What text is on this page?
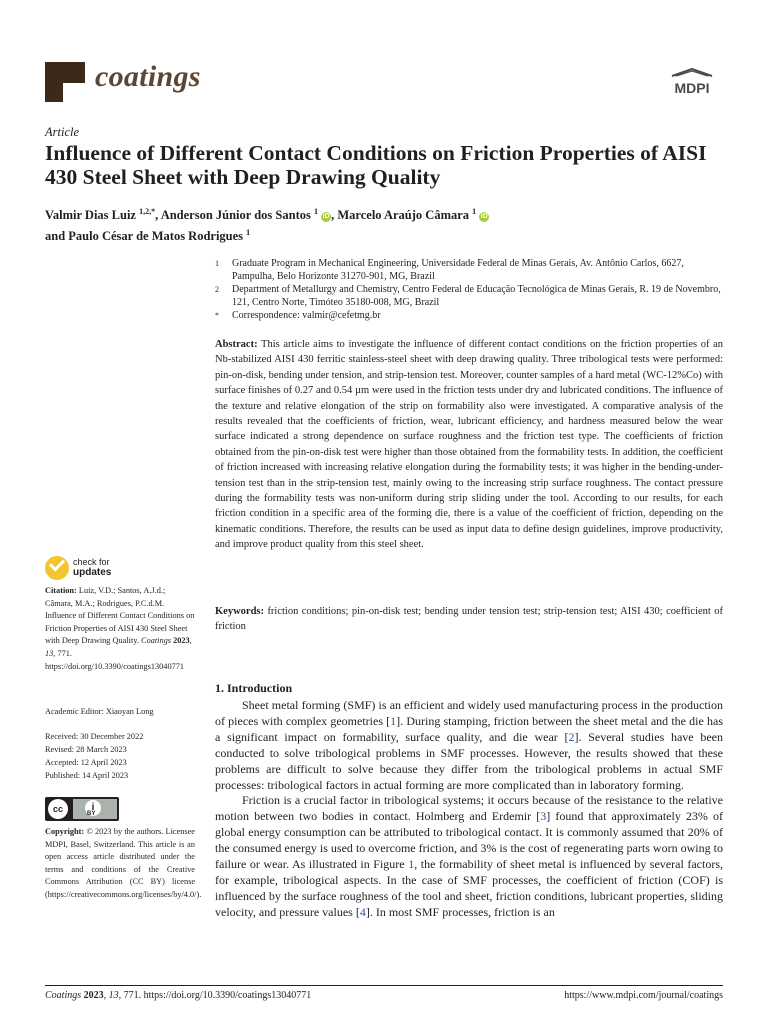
coatings	MDPI
Article
Influence of Different Contact Conditions on Friction Properties of AISI 430 Steel Sheet with Deep Drawing Quality
Valmir Dias Luiz $^{1,2,*}$, Anderson Júnior dos Santos $^1$ iD , Marcelo Araújo Câmara $^1$ iD
and Paulo César de Matos Rodrigues $^1$
1 Graduate Program in Mechanical Engineering, Universidade Federal de Minas Gerais, Av. Antônio Carlos, 6627, Pampulha, Belo Horizonte 31270-901, MG, Brazil
2 Department of Metallurgy and Chemistry, Centro Federal de Educação Tecnológica de Minas Gerais, R. 19 de Novembro, 121, Centro Norte, Timóteo 35180-008, MG, Brazil
* Correspondence: valmir@cefetmg.br
Abstract: This article aims to investigate the influence of different contact conditions on the friction properties of an Nb-stabilized AISI 430 ferritic stainless-steel sheet with deep drawing quality. Three tribological tests were performed: pin-on-disk, bending under tension, and strip-tension test. Moreover, counter samples of a hard metal (WC-12%Co) with surface finishes of 0.27 and 0.54 µm were used in the friction tests under dry and lubricated conditions. The influence of the texture and relative elongation of the strip on formability also were investigated. A comparative analysis of the results revealed that the coefficients of friction, wear, lubricant efficiency, and hardness measured below the wear surface indicated a strong dependence on surface roughness and the friction test type. The coefficients of friction obtained from the pin-on-disk test were higher than those obtained from the formability tests. In addition, the coefficient of friction increased with increasing relative elongation during the formability tests; it was higher in the bending-under-tension test than in the strip-tension test, mainly owing to the increasing strip surface roughness. The contact pressure during the formability tests was non-uniform during strip sliding under the tool. According to our results, for each friction condition in a specific area of the forming die, there is a value of the coefficient of friction, depending on the kinematic conditions. Therefore, the results can be used as input data to define design guidelines, improve productivity, and improve product quality from this steel sheet.
Keywords: friction conditions; pin-on-disk test; bending under tension test; strip-tension test; AISI 430; coefficient of friction
check for
updates
Citation: Luiz, V.D.; Santos, A.J.d.; Câmara, M.A.; Rodrigues, P.C.d.M. Influence of Different Contact Conditions on Friction Properties of AISI 430 Steel Sheet with Deep Drawing Quality. Coatings 2023, 13, 771. https://doi.org/10.3390/coatings13040771
Academic Editor: Xiaoyan Long
Received: 30 December 2022
Revised: 28 March 2023
Accepted: 12 April 2023
Published: 14 April 2023
cc	i
BY
Copyright: © 2023 by the authors. Licensee MDPI, Basel, Switzerland. This article is an open access article distributed under the terms and conditions of the Creative Commons Attribution (CC BY) license (https://creativecommons.org/licenses/by/4.0/).
1. Introduction

Sheet metal forming (SMF) is an efficient and widely used manufacturing process in the production of pieces with complex geometries [1]. During stamping, friction between the sheet metal and the die has a significant impact on formability, surface quality, and die wear [2]. Several studies have been conducted to solve tribological problems in SMF processes. However, the results showed that these problems are difficult to solve because they differ from the tribological problems in actual SMF processes: tribological factors in actual forming are more complicated than in laboratory forming.

Friction is a crucial factor in tribological systems; it occurs because of the resistance to the relative motion between two bodies in contact. Holmberg and Erdemir [3] found that approximately 23% of global energy consumption can be attributed to tribological contact. It is commonly assumed that 20% of the consumed energy is used to overcome friction, and 3% is the cost of regenerating parts worn owing to failure or wear. As illustrated in Figure 1, the formability of sheet metal is influenced by several factors, for example, tribological aspects. In the case of SMF processes, the coefficient of friction (COF) is influenced by the surface roughness of the tool and sheet, friction conditions, lubricant properties, sliding velocity, and pressure values [4]. In most SMF processes, friction is an

Coatings 2023, 13, 771. https://doi.org/10.3390/coatings13040771	https://www.mdpi.com/journal/coatings
